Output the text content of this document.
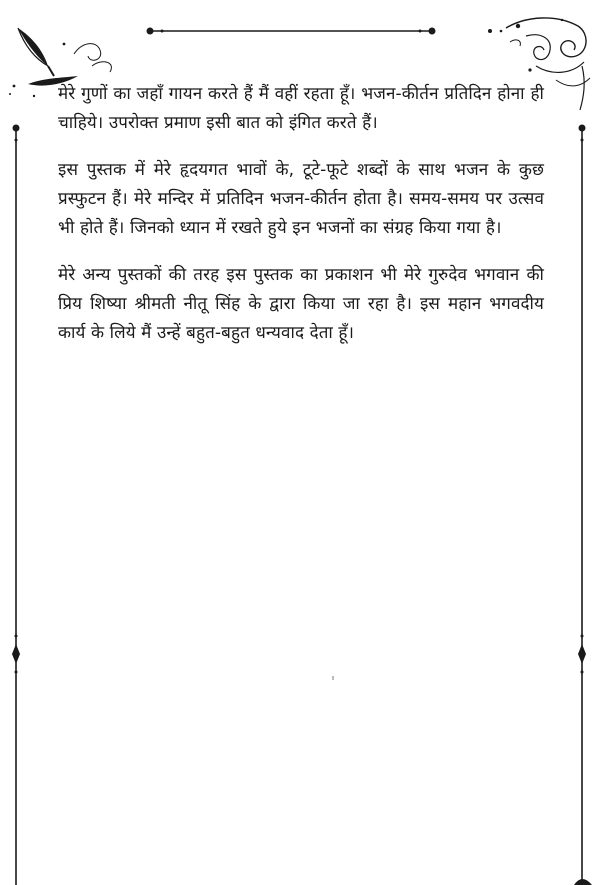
मेरे गुणों का जहाँ गायन करते हैं मैं वहीं रहता हूँ। भजन-कीर्तन प्रतिदिन होना ही चाहिये। उपरोक्त प्रमाण इसी बात को इंगित करते हैं।

इस पुस्तक में मेरे हृदयगत भावों के, टूटे-फूटे शब्दों के साथ भजन के कुछ प्रस्फुटन हैं। मेरे मन्दिर में प्रतिदिन भजन-कीर्तन होता है। समय-समय पर उत्सव भी होते हैं। जिनको ध्यान में रखते हुये इन भजनों का संग्रह किया गया है।

मेरे अन्य पुस्तकों की तरह इस पुस्तक का प्रकाशन भी मेरे गुरुदेव भगवान की प्रिय शिष्या श्रीमती नीतू सिंह के द्वारा किया जा रहा है। इस महान भगवदीय कार्य के लिये मैं उन्हें बहुत-बहुत धन्यवाद देता हूँ।
